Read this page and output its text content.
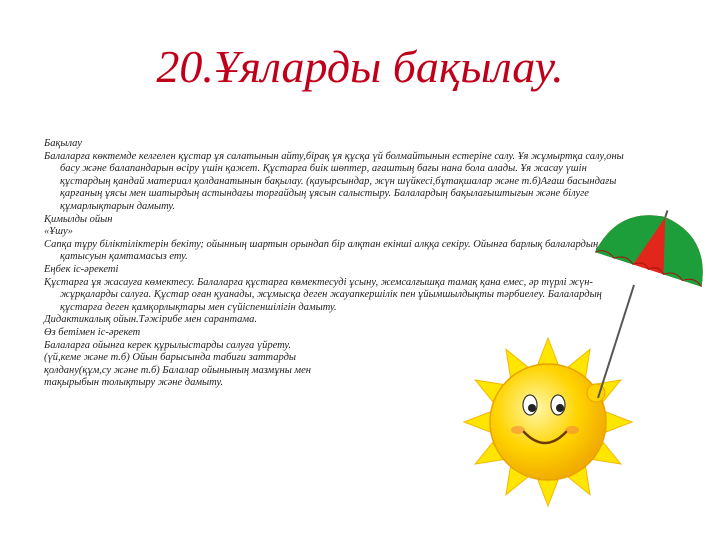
20.Ұяларды бақылау.

Бақылау

Балаларға көктемде келгелен құстар ұя салатынын айту,бірақ ұя құсқа үй болмайтынын естеріне салу. Ұя жұмыртқа салу,оны

басу және балапандарын өсіру үшін қажет. Құстарға биік шөптер, ағаштың бағы нана бола алады. Ұя жасау үшін

құстардың қандай материал қолданатынын бақылау. (қауырсындар, жүн шүйкесі,бұтақшалар және т.б)Ағаш басындағы

қарғаның ұясы мен шатырдың астындағы торғайдың ұясын салыстыру. Балалардың бақылағыштығын және білуге

құмарлықтарын дамыту.

Қимылды ойын

«Ұшу»

Сапқа тұру біліктіліктерін бекіту; ойынның шартын орындап бір алқтан екінші алққа секіру. Ойынға барлық балалардың

қатысуын қамтамасыз ету.

Еңбек іс-әрекеті

Құстарға ұя жасауға көмектесу. Балаларға құстарға көмектесуді ұсыну, жемсалғышқа тамақ қана емес, әр түрлі жүн-

жұрқаларды салуға. Құстар оған қуанады, жұмысқа деген жауапкершілік пен ұйымшылдықты тәрбиелеу. Балалардың

құстарға деген қамқорлықтары мен сүйіспеншілігін дамыту.

Дидактикалық ойын.Тәжірибе мен сарантама.

Өз бетімен іс-әрекет

Балаларға ойынға керек құрылыстарды салуға үйрету.

(үй,кеме және т.б) Ойын барысында табиғи заттарды

қолдану(құм,су және т.б) Балалар ойынының мазмұны мен

тақырыбын толықтыру және дамыту.
